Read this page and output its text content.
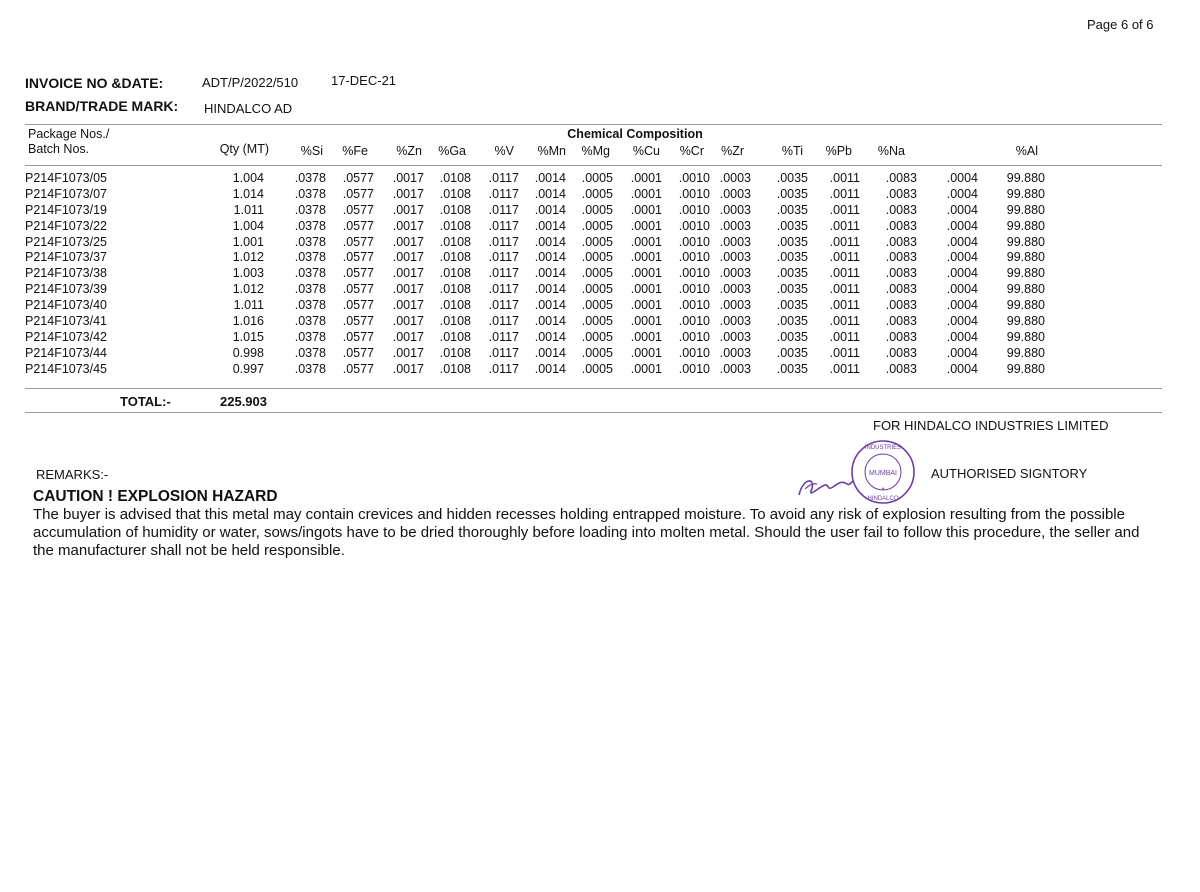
Page 6 of 6
INVOICE NO &DATE:	ADT/P/2022/510	17-DEC-21
BRAND/TRADE MARK: HINDALCO AD
Package Nos./
Batch Nos.	Qty (MT)
Chemical Composition
%Si	%Fe	%Zn	%Ga	%V	%Mn	%Mg	%Cu	%Cr	%Zr	%Ti	%Pb	%Na	%Al
P214F1073/05	1.004	.0378	.0577	.0017	.0108	.0117	.0014	.0005	.0001	.0010 .0003	.0035	.0011	.0083	.0004	99.880
P214F1073/07	1.014	.0378	.0577	.0017	.0108	.0117	.0014	.0005	.0001	.0010 .0003	.0035	.0011	.0083	.0004	99.880
P214F1073/19	1.011	.0378	.0577	.0017	.0108	.0117	.0014	.0005	.0001	.0010 .0003	.0035	.0011	.0083	.0004	99.880
P214F1073/22	1.004	.0378	.0577	.0017	.0108	.0117	.0014	.0005	.0001	.0010 .0003	.0035	.0011	.0083	.0004	99.880
P214F1073/25	1.001	.0378	.0577	.0017	.0108	.0117	.0014	.0005	.0001	.0010 .0003	.0035	.0011	.0083	.0004	99.880
P214F1073/37	1.012	.0378	.0577	.0017	.0108	.0117	.0014	.0005	.0001	.0010 .0003	.0035	.0011	.0083	.0004	99.880
P214F1073/38	1.003	.0378	.0577	.0017	.0108	.0117	.0014	.0005	.0001	.0010 .0003	.0035	.0011	.0083	.0004	99.880
P214F1073/39	1.012	.0378	.0577	.0017	.0108	.0117	.0014	.0005	.0001	.0010 .0003	.0035	.0011	.0083	.0004	99.880
P214F1073/40	1.011	.0378	.0577	.0017	.0108	.0117	.0014	.0005	.0001	.0010 .0003	.0035	.0011	.0083	.0004	99.880
P214F1073/41	1.016	.0378	.0577	.0017	.0108	.0117	.0014	.0005	.0001	.0010 .0003	.0035	.0011	.0083	.0004	99.880
P214F1073/42	1.015	.0378	.0577	.0017	.0108	.0117	.0014	.0005	.0001	.0010 .0003	.0035	.0011	.0083	.0004	99.880
P214F1073/44	0.998	.0378	.0577	.0017	.0108	.0117	.0014	.0005	.0001	.0010 .0003	.0035	.0011	.0083	.0004	99.880
P214F1073/45	0.997	.0378	.0577	.0017	.0108	.0117	.0014	.0005	.0001	.0010 .0003	.0035	.0011	.0083	.0004	99.880
TOTAL:-	225.903
FOR HINDALCO INDUSTRIES LIMITED
REMARKS:-	AUTHORISED SIGNTORY
MUMBAI
INDUSTRIES
HINDALCO
*
CAUTION ! EXPLOSION HAZARD
The buyer is advised that this metal may contain crevices and hidden recesses holding entrapped moisture. To avoid any risk of explosion resulting from the possible accumulation of humidity or water, sows/ingots have to be dried thoroughly before loading into molten metal. Should the user fail to follow this procedure, the seller and the manufacturer shall not be held responsible.
